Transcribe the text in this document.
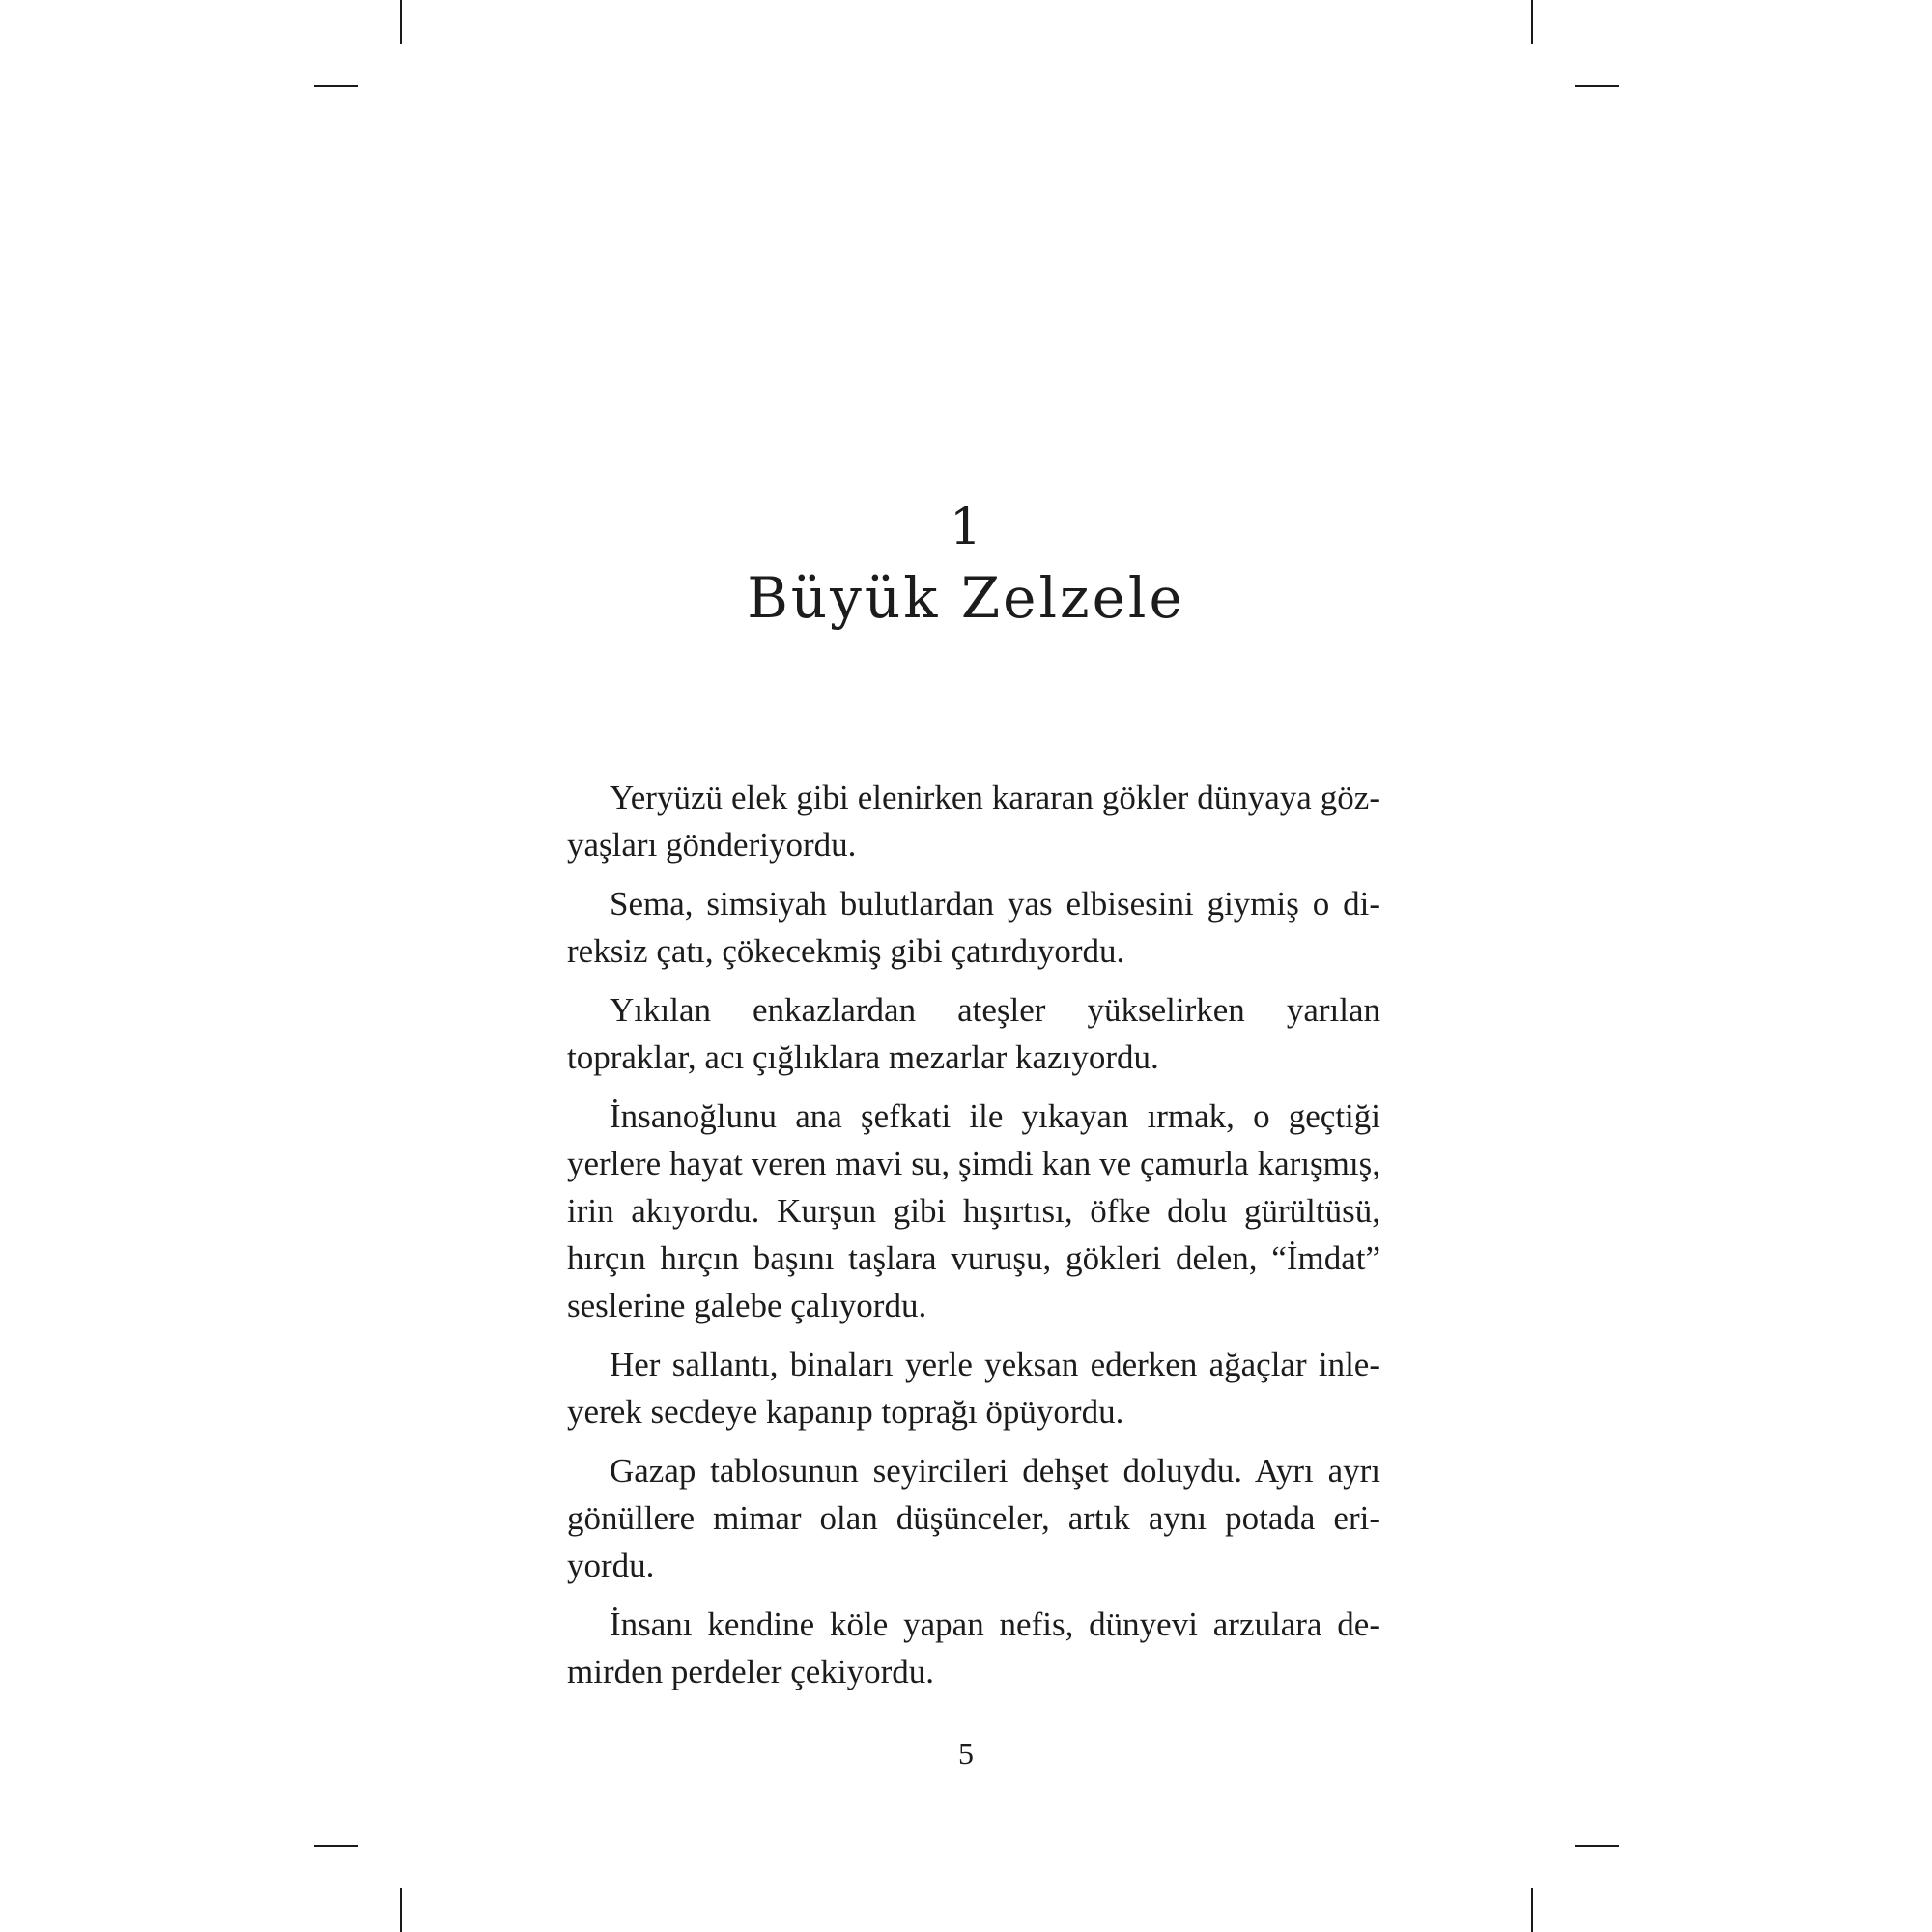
1
Büyük Zelzele

Yeryüzü elek gibi elenirken kararan gökler dünyaya gözyaşları gönderiyordu.

Sema, simsiyah bulutlardan yas elbisesini giymiş o direksiz çatı, çökecekmiş gibi çatırdıyordu.

Yıkılan enkazlardan ateşler yükselirken yarılan topraklar, acı çığlıklara mezarlar kazıyordu.

İnsanoğlunu ana şefkati ile yıkayan ırmak, o geçtiği yerlere hayat veren mavi su, şimdi kan ve çamurla karışmış, irin akıyordu. Kurşun gibi hışırtısı, öfke dolu gürültüsü, hırçın hırçın başını taşlara vuruşu, gökleri delen, “İmdat” seslerine galebe çalıyordu.

Her sallantı, binaları yerle yeksan ederken ağaçlar inleyerek secdeye kapanıp toprağı öpüyordu.

Gazap tablosunun seyircileri dehşet doluydu. Ayrı ayrı gönüllere mimar olan düşünceler, artık aynı potada eriyordu.

İnsanı kendine köle yapan nefis, dünyevi arzulara demirden perdeler çekiyordu.

5
